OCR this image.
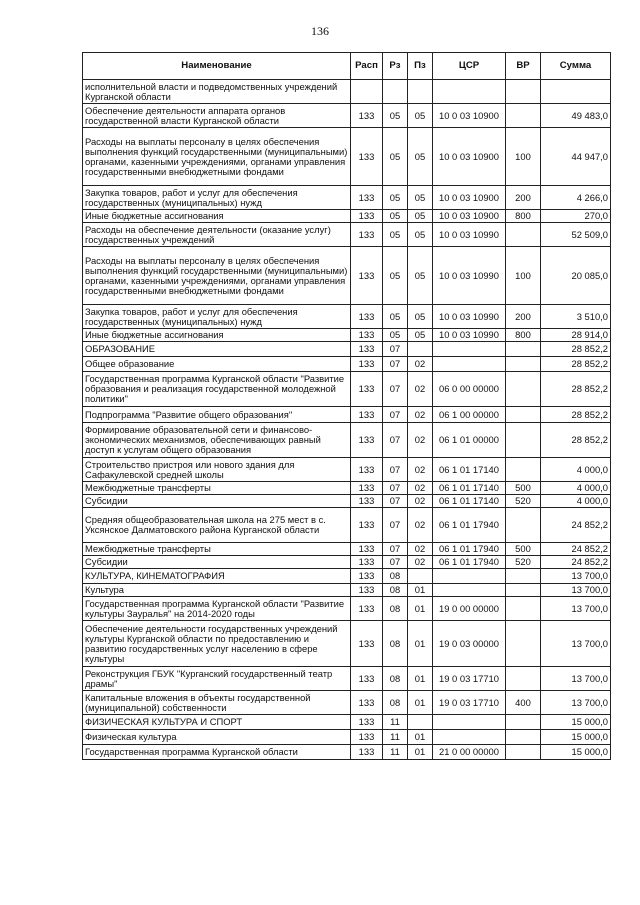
136
Наименование	Расп	Рз	Пз	ЦСР	ВР	Сумма
исполнительной власти и подведомственных учреждений Курганской области						
Обеспечение деятельности аппарата органов государственной власти Курганской области	133	05	05	10 0 03 10900		49 483,0
Расходы на выплаты персоналу в целях обеспечения выполнения функций государственными (муниципальными) органами, казенными учреждениями, органами управления государственными внебюджетными фондами	133	05	05	10 0 03 10900	100	44 947,0
Закупка товаров, работ и услуг для обеспечения государственных (муниципальных) нужд	133	05	05	10 0 03 10900	200	4 266,0
Иные бюджетные ассигнования	133	05	05	10 0 03 10900	800	270,0
Расходы на обеспечение деятельности (оказание услуг) государственных учреждений	133	05	05	10 0 03 10990		52 509,0
Расходы на выплаты персоналу в целях обеспечения выполнения функций государственными (муниципальными) органами, казенными учреждениями, органами управления государственными внебюджетными фондами	133	05	05	10 0 03 10990	100	20 085,0
Закупка товаров, работ и услуг для обеспечения государственных (муниципальных) нужд	133	05	05	10 0 03 10990	200	3 510,0
Иные бюджетные ассигнования	133	05	05	10 0 03 10990	800	28 914,0
ОБРАЗОВАНИЕ	133	07				28 852,2
Общее образование	133	07	02			28 852,2
Государственная программа Курганской области "Развитие образования и реализация государственной молодежной политики"	133	07	02	06 0 00 00000		28 852,2
Подпрограмма "Развитие общего образования"	133	07	02	06 1 00 00000		28 852,2
Формирование образовательной сети и финансово-экономических механизмов, обеспечивающих равный доступ к услугам общего образования	133	07	02	06 1 01 00000		28 852,2
Строительство пристроя или нового здания для Сафакулевской средней школы	133	07	02	06 1 01 17140		4 000,0
Межбюджетные трансферты	133	07	02	06 1 01 17140	500	4 000,0
Субсидии	133	07	02	06 1 01 17140	520	4 000,0
Средняя общеобразовательная школа на 275 мест в с. Уксянское Далматовского района Курганской области	133	07	02	06 1 01 17940		24 852,2
Межбюджетные трансферты	133	07	02	06 1 01 17940	500	24 852,2
Субсидии	133	07	02	06 1 01 17940	520	24 852,2
КУЛЬТУРА, КИНЕМАТОГРАФИЯ	133	08				13 700,0
Культура	133	08	01			13 700,0
Государственная программа Курганской области "Развитие культуры Зауралья" на 2014-2020 годы	133	08	01	19 0 00 00000		13 700,0
Обеспечение деятельности государственных учреждений культуры Курганской области по предоставлению и развитию государственных услуг населению в сфере культуры	133	08	01	19 0 03 00000		13 700,0
Реконструкция ГБУК "Курганский государственный театр драмы"	133	08	01	19 0 03 17710		13 700,0
Капитальные вложения в объекты государственной (муниципальной) собственности	133	08	01	19 0 03 17710	400	13 700,0
ФИЗИЧЕСКАЯ КУЛЬТУРА И СПОРТ	133	11				15 000,0
Физическая культура	133	11	01			15 000,0
Государственная программа Курганской области	133	11	01	21 0 00 00000		15 000,0
